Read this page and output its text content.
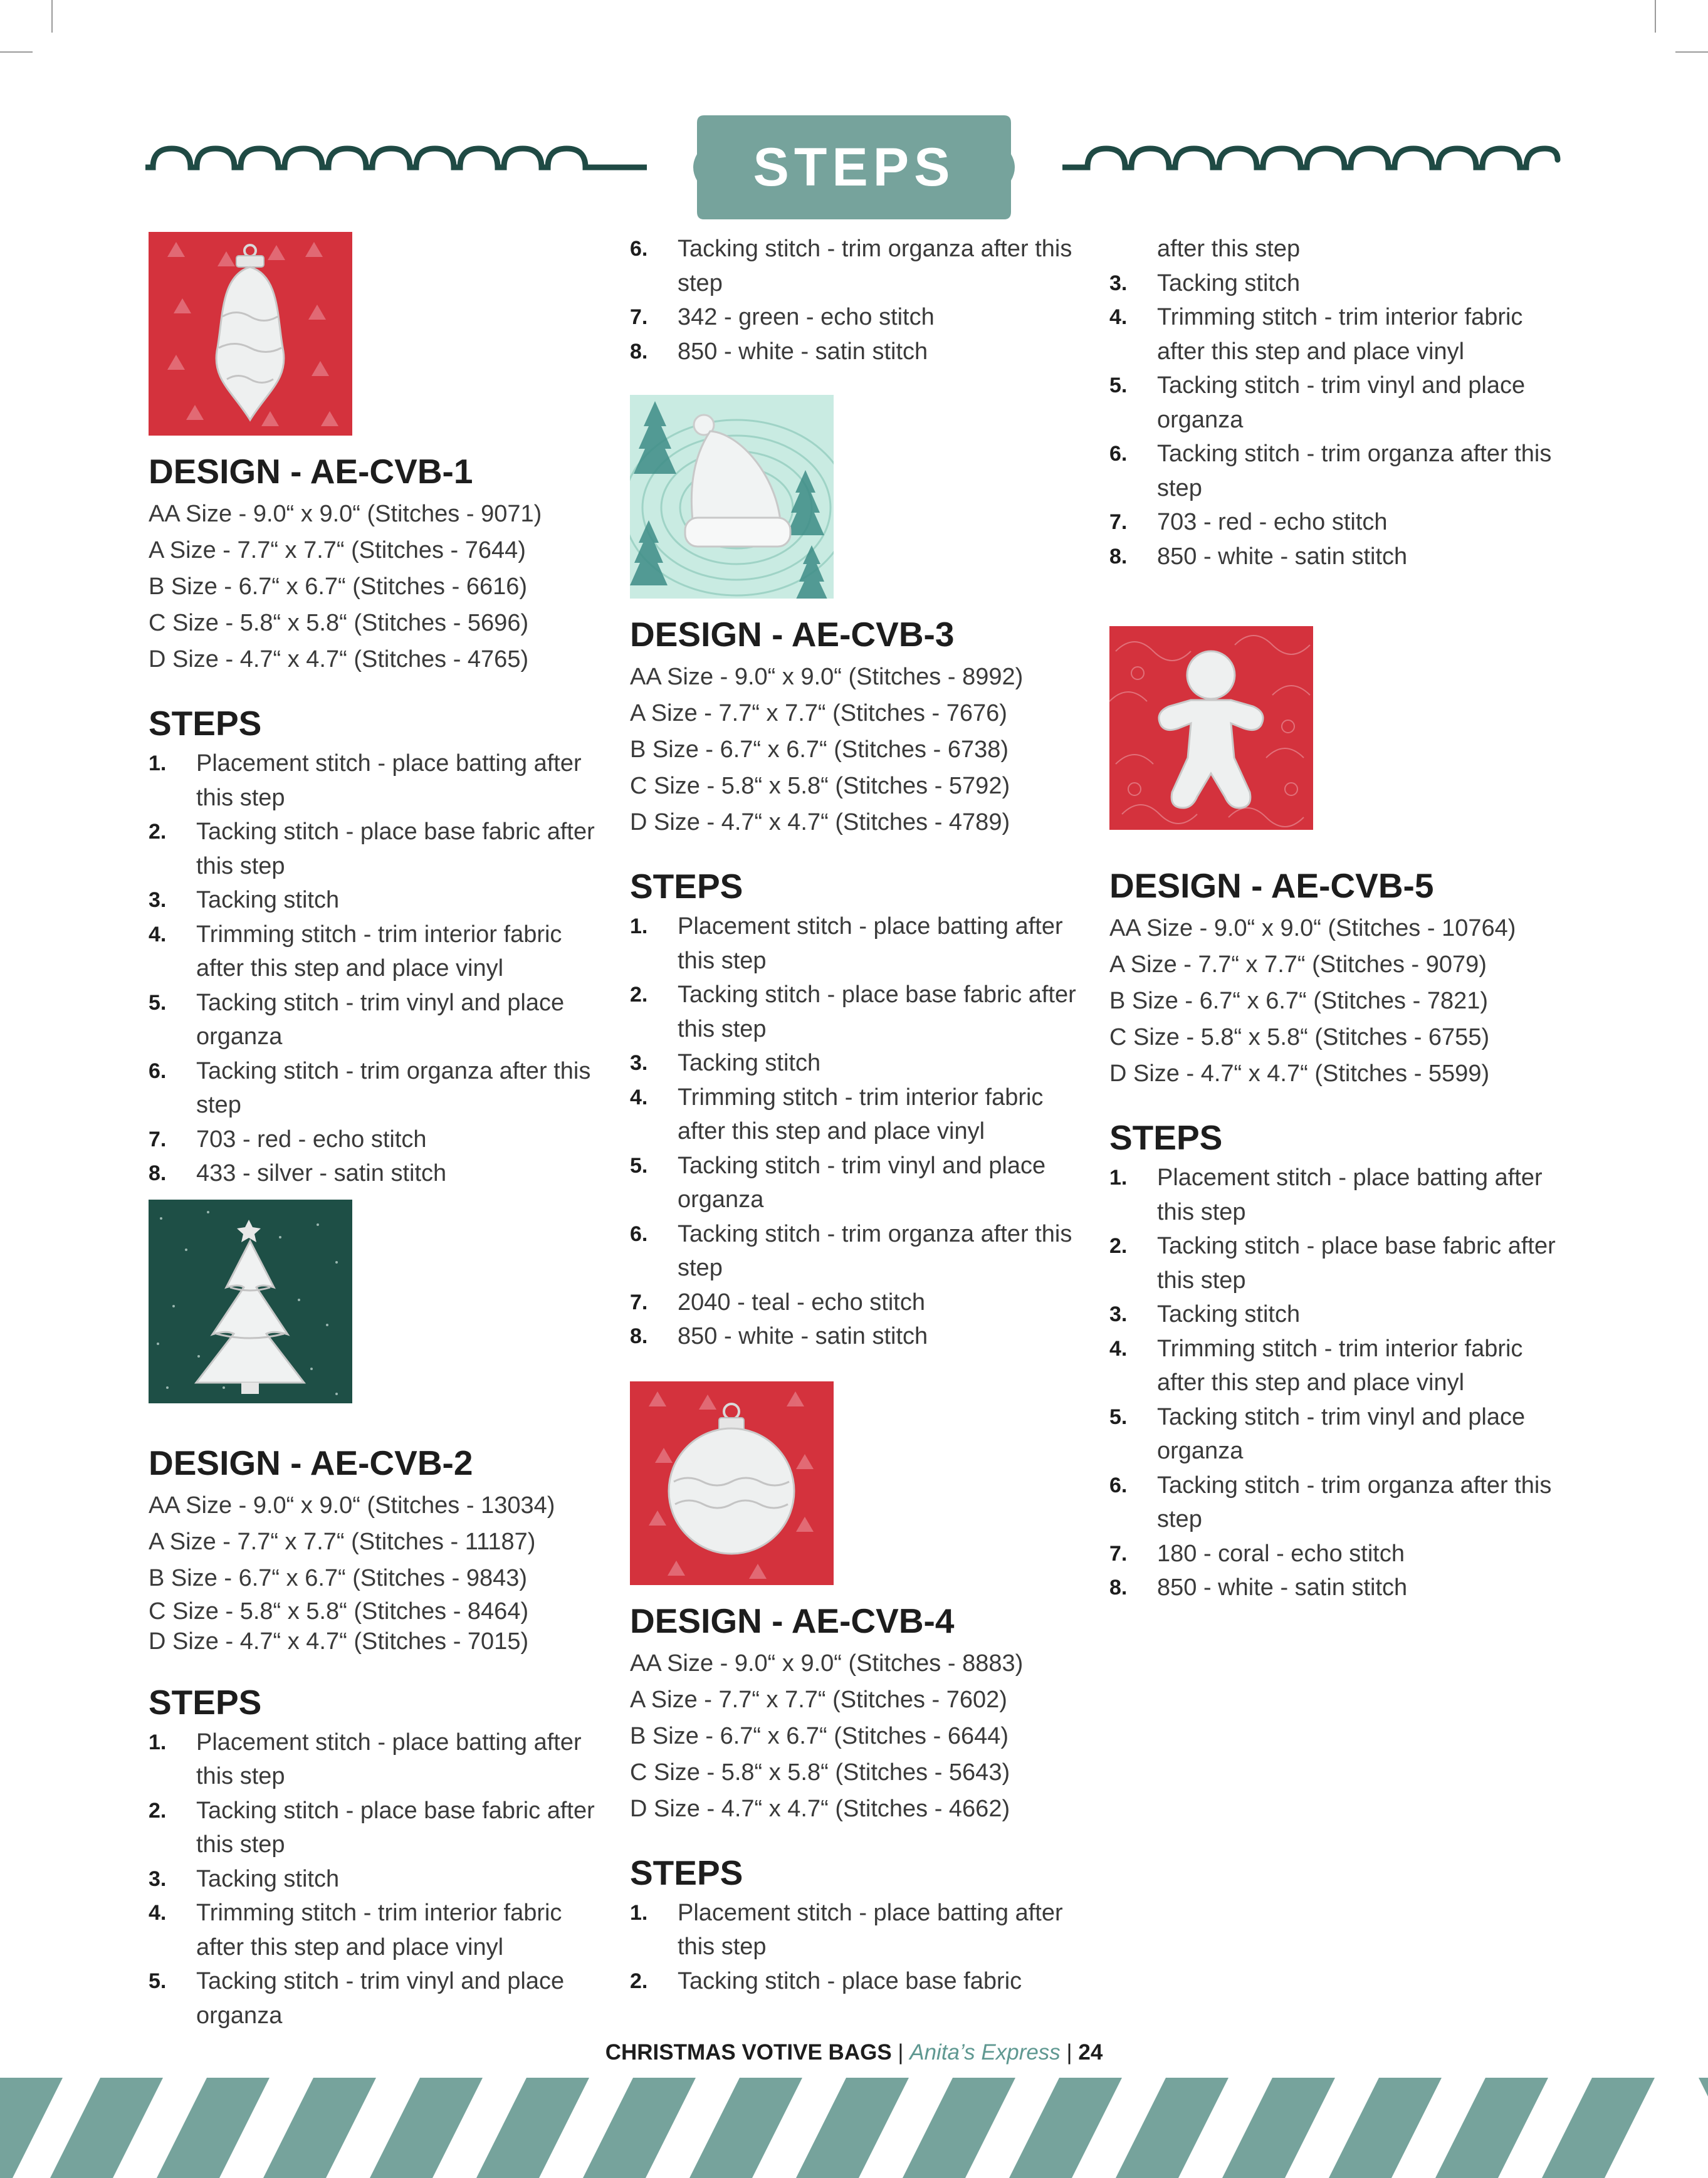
STEPS
DESIGN - AE-CVB-1
AA Size - 9.0“ x 9.0“ (Stitches - 9071)
A Size - 7.7“ x 7.7“ (Stitches - 7644)
B Size - 6.7“ x 6.7“ (Stitches - 6616)
C Size - 5.8“ x 5.8“ (Stitches - 5696)
D Size - 4.7“ x 4.7“ (Stitches - 4765)
STEPS
1. Placement stitch - place batting after this step
2. Tacking stitch - place base fabric after this step
3. Tacking stitch
4. Trimming stitch - trim interior fabric after this step and place vinyl
5. Tacking stitch - trim vinyl and place organza
6. Tacking stitch - trim organza after this step
7. 703 - red - echo stitch
8. 433 - silver - satin stitch
DESIGN - AE-CVB-2
AA Size - 9.0“ x 9.0“ (Stitches - 13034)
A Size - 7.7“ x 7.7“ (Stitches - 11187)
B Size - 6.7“ x 6.7“ (Stitches - 9843)
C Size - 5.8“ x 5.8“ (Stitches - 8464)
D Size - 4.7“ x 4.7“ (Stitches - 7015)
STEPS
1. Placement stitch - place batting after this step
2. Tacking stitch - place base fabric after this step
3. Tacking stitch
4. Trimming stitch - trim interior fabric after this step and place vinyl
5. Tacking stitch - trim vinyl and place organza
6. Tacking stitch - trim organza after this step
7. 342 - green - echo stitch
8. 850 - white - satin stitch
DESIGN - AE-CVB-3
AA Size - 9.0“ x 9.0“ (Stitches - 8992)
A Size - 7.7“ x 7.7“ (Stitches - 7676)
B Size - 6.7“ x 6.7“ (Stitches - 6738)
C Size - 5.8“ x 5.8“ (Stitches - 5792)
D Size - 4.7“ x 4.7“ (Stitches - 4789)
STEPS
1. Placement stitch - place batting after this step
2. Tacking stitch - place base fabric after this step
3. Tacking stitch
4. Trimming stitch - trim interior fabric after this step and place vinyl
5. Tacking stitch - trim vinyl and place organza
6. Tacking stitch - trim organza after this step
7. 2040 - teal - echo stitch
8. 850 - white - satin stitch
DESIGN - AE-CVB-4
AA Size - 9.0“ x 9.0“ (Stitches - 8883)
A Size - 7.7“ x 7.7“ (Stitches - 7602)
B Size - 6.7“ x 6.7“ (Stitches - 6644)
C Size - 5.8“ x 5.8“ (Stitches - 5643)
D Size - 4.7“ x 4.7“ (Stitches - 4662)
STEPS
1. Placement stitch - place batting after this step
2. Tacking stitch - place base fabric
after this step
3. Tacking stitch
4. Trimming stitch - trim interior fabric after this step and place vinyl
5. Tacking stitch - trim vinyl and place organza
6. Tacking stitch - trim organza after this step
7. 703 - red - echo stitch
8. 850 - white - satin stitch
DESIGN - AE-CVB-5
AA Size - 9.0“ x 9.0“ (Stitches - 10764)
A Size - 7.7“ x 7.7“ (Stitches - 9079)
B Size - 6.7“ x 6.7“ (Stitches - 7821)
C Size - 5.8“ x 5.8“ (Stitches - 6755)
D Size - 4.7“ x 4.7“ (Stitches - 5599)
STEPS
1. Placement stitch - place batting after this step
2. Tacking stitch - place base fabric after this step
3. Tacking stitch
4. Trimming stitch - trim interior fabric after this step and place vinyl
5. Tacking stitch - trim vinyl and place organza
6. Tacking stitch - trim organza after this step
7. 180 - coral - echo stitch
8. 850 - white - satin stitch
CHRISTMAS VOTIVE BAGS | Anita’s Express | 24
